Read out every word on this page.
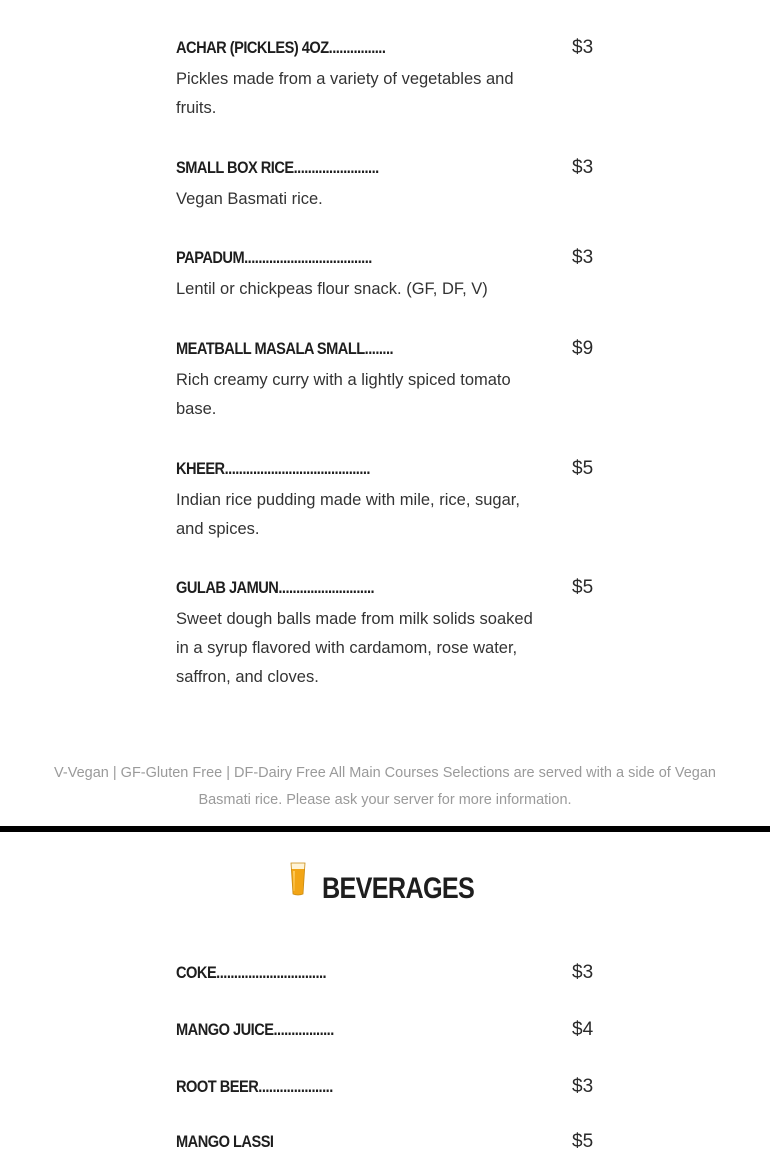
ACHAR (PICKLES) 4OZ................	$3
Pickles made from a variety of vegetables and fruits.
SMALL BOX RICE........................	$3
Vegan Basmati rice.
PAPADUM....................................	$3
Lentil or chickpeas flour snack. (GF, DF, V)
MEATBALL MASALA SMALL........	$9
Rich creamy curry with a lightly spiced tomato base.
KHEER.........................................	$5
Indian rice pudding made with mile, rice, sugar, and spices.
GULAB JAMUN...........................	$5
Sweet dough balls made from milk solids soaked in a syrup flavored with cardamom, rose water, saffron, and cloves.
V-Vegan | GF-Gluten Free | DF-Dairy Free All Main Courses Selections are served with a side of Vegan Basmati rice. Please ask your server for more information.
BEVERAGES
COKE...............................	$3
MANGO JUICE.................	$4
ROOT BEER.....................	$3
MANGO LASSI	$5
